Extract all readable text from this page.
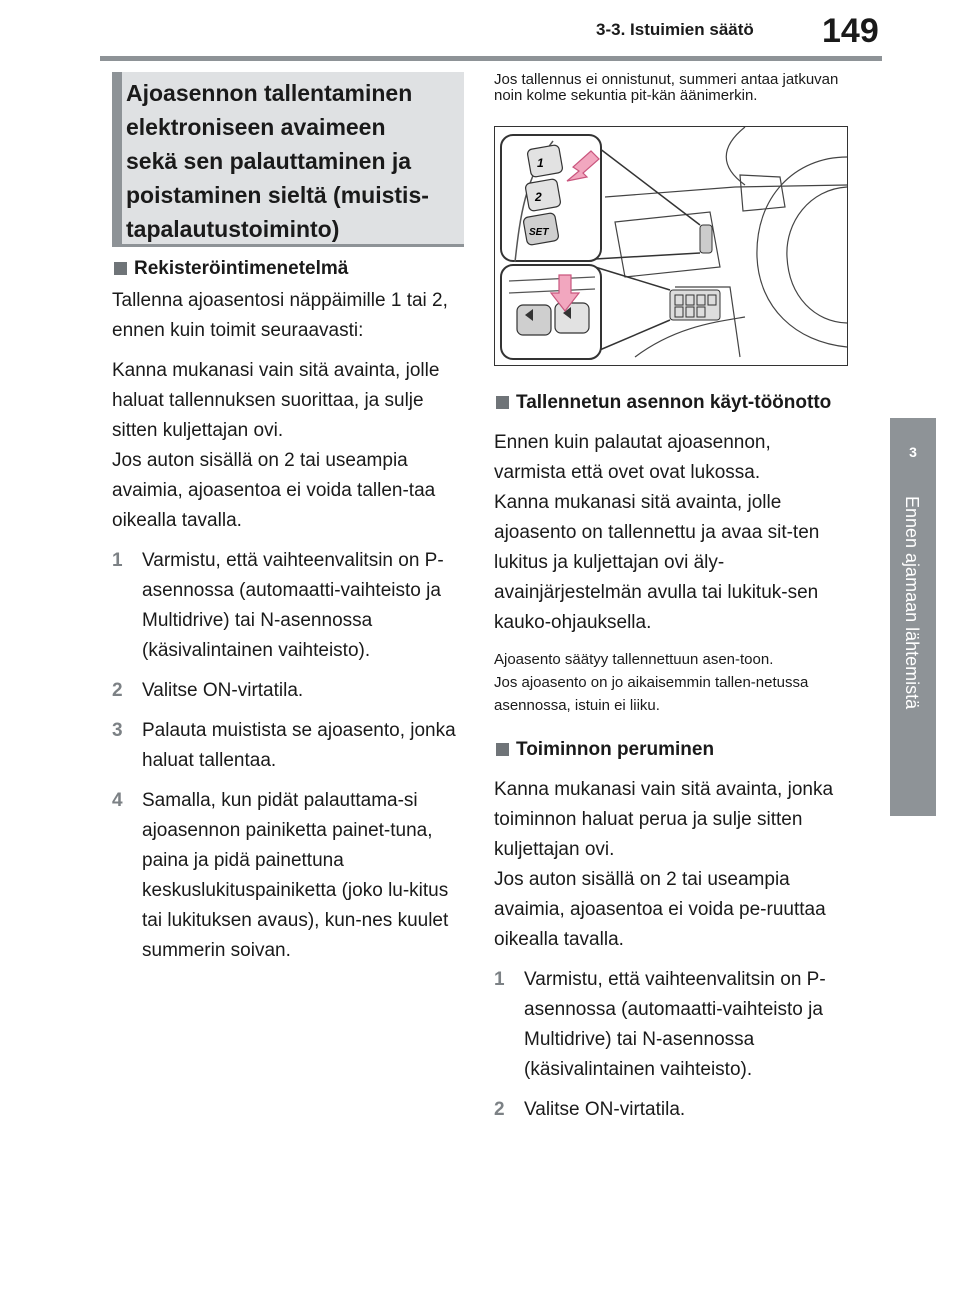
3-3. Istuimien säätö 149
3
Ennen ajamaan lähtemistä
Ajoasennon tallentaminen
elektroniseen avaimeen
sekä sen palauttaminen ja
poistaminen sieltä (muistis-
tapalautustoiminto)
Rekisteröintimenetelmä

Tallenna ajoasentosi näppäimille 1 tai 2, ennen kuin toimit seuraavasti:

Kanna mukanasi vain sitä avainta, jolle haluat tallennuksen suorittaa, ja sulje sitten kuljettajan ovi.

Jos auton sisällä on 2 tai useampia avaimia, ajoasentoa ei voida tallen-taa oikealla tavalla.

1 Varmistu, että vaihteenvalitsin on P-asennossa (automaatti-vaihteisto ja Multidrive) tai N-asennossa (käsivalintainen vaihteisto).
2 Valitse ON-virtatila.
3 Palauta muistista se ajoasento, jonka haluat tallentaa.
4 Samalla, kun pidät palauttama-si ajoasennon painiketta painet-tuna, paina ja pidä painettuna keskuslukituspainiketta (joko lu-kitus tai lukituksen avaus), kun-nes kuulet summerin soivan.

Jos tallennus ei onnistunut, summeri antaa jatkuvan noin kolme sekuntia pit-kän äänimerkin.

1
2
SET
Tallennetun asennon käyt-töönotto

Ennen kuin palautat ajoasennon, varmista että ovet ovat lukossa.

Kanna mukanasi sitä avainta, jolle ajoasento on tallennettu ja avaa sit-ten lukitus ja kuljettajan ovi äly-avainjärjestelmän avulla tai lukituk-sen kauko-ohjauksella.

Ajoasento säätyy tallennettuun asen-toon.

Jos ajoasento on jo aikaisemmin tallen-netussa asennossa, istuin ei liiku.

Toiminnon peruminen

Kanna mukanasi vain sitä avainta, jonka toiminnon haluat perua ja sulje sitten kuljettajan ovi.

Jos auton sisällä on 2 tai useampia avaimia, ajoasentoa ei voida pe-ruuttaa oikealla tavalla.

1 Varmistu, että vaihteenvalitsin on P-asennossa (automaatti-vaihteisto ja Multidrive) tai N-asennossa (käsivalintainen vaihteisto).
2 Valitse ON-virtatila.
